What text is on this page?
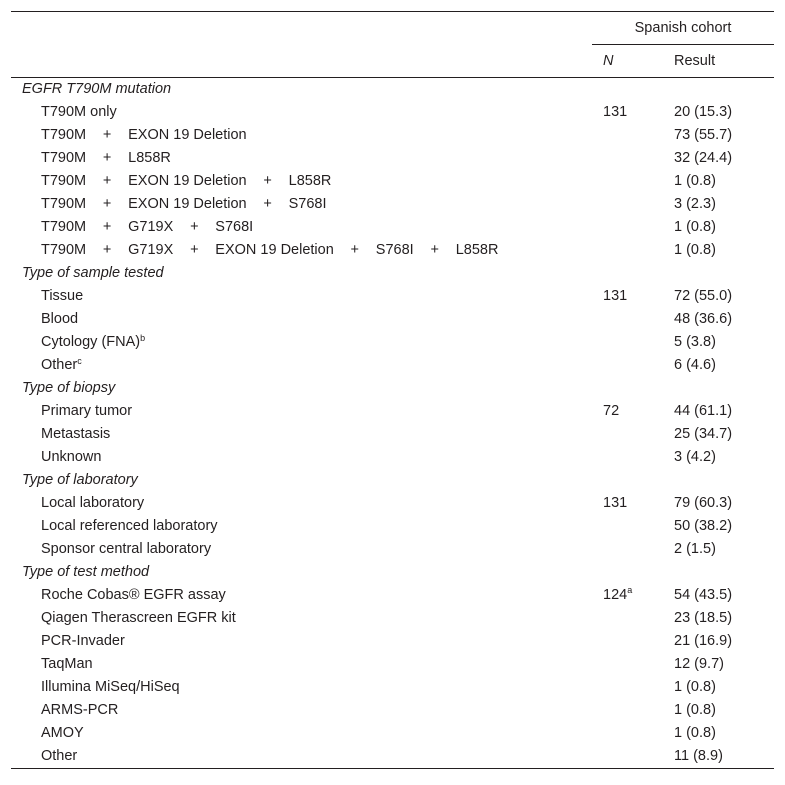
	Spanish cohort	
	N	Result
EGFR T790M mutation		
T790M only	131	20 (15.3)
T790M + EXON 19 Deletion		73 (55.7)
T790M + L858R		32 (24.4)
T790M + EXON 19 Deletion + L858R		1 (0.8)
T790M + EXON 19 Deletion + S768I		3 (2.3)
T790M + G719X + S768I		1 (0.8)
T790M + G719X + EXON 19 Deletion + S768I + L858R		1 (0.8)
Type of sample tested		
Tissue	131	72 (55.0)
Blood		48 (36.6)
Cytology (FNA)$^b$		5 (3.8)
Other$^c$		6 (4.6)
Type of biopsy		
Primary tumor	72	44 (61.1)
Metastasis		25 (34.7)
Unknown		3 (4.2)
Type of laboratory		
Local laboratory	131	79 (60.3)
Local referenced laboratory		50 (38.2)
Sponsor central laboratory		2 (1.5)
Type of test method		
Roche Cobas® EGFR assay	124$^a$	54 (43.5)
Qiagen Therascreen EGFR kit		23 (18.5)
PCR-Invader		21 (16.9)
TaqMan		12 (9.7)
Illumina MiSeq/HiSeq		1 (0.8)
ARMS-PCR		1 (0.8)
AMOY		1 (0.8)
Other		11 (8.9)
